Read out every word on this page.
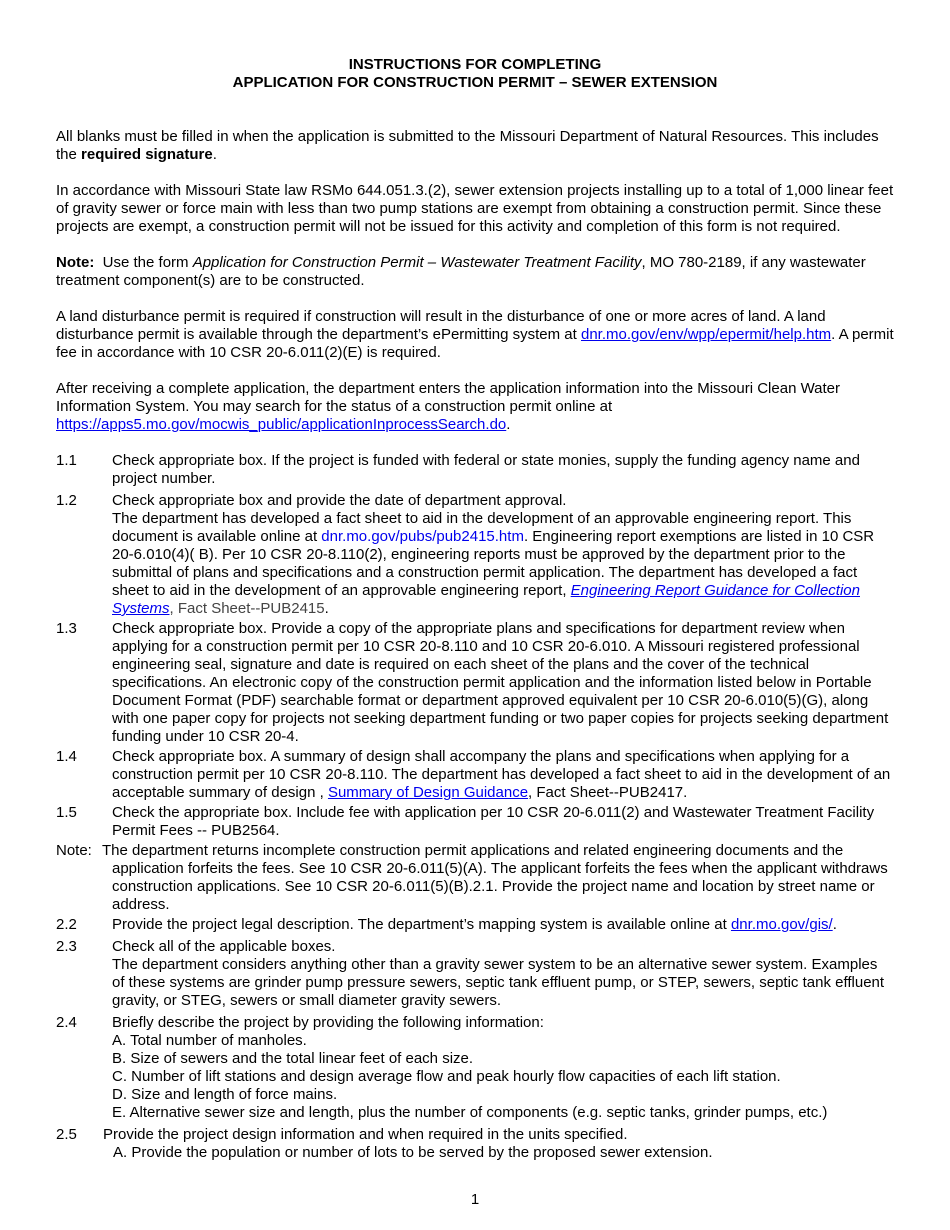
INSTRUCTIONS FOR COMPLETING
APPLICATION FOR CONSTRUCTION PERMIT – SEWER EXTENSION

All blanks must be filled in when the application is submitted to the Missouri Department of Natural Resources. This includes the required signature.

In accordance with Missouri State law RSMo 644.051.3.(2), sewer extension projects installing up to a total of 1,000 linear feet of gravity sewer or force main with less than two pump stations are exempt from obtaining a construction permit. Since these projects are exempt, a construction permit will not be issued for this activity and completion of this form is not required.

Note:  Use the form Application for Construction Permit – Wastewater Treatment Facility, MO 780-2189, if any wastewater treatment component(s) are to be constructed.

A land disturbance permit is required if construction will result in the disturbance of one or more acres of land. A land disturbance permit is available through the department’s ePermitting system at dnr.mo.gov/env/wpp/epermit/help.htm. A permit fee in accordance with 10 CSR 20-6.011(2)(E) is required.

After receiving a complete application, the department enters the application information into the Missouri Clean Water Information System. You may search for the status of a construction permit online at https://apps5.mo.gov/mocwis_public/applicationInprocessSearch.do.

1.1 Check appropriate box. If the project is funded with federal or state monies, supply the funding agency name and project number.
1.2 Check appropriate box and provide the date of department approval.
The department has developed a fact sheet to aid in the development of an approvable engineering report. This document is available online at dnr.mo.gov/pubs/pub2415.htm. Engineering report exemptions are listed in 10 CSR 20-6.010(4)( B). Per 10 CSR 20-8.110(2), engineering reports must be approved by the department prior to the submittal of plans and specifications and a construction permit application. The department has developed a fact sheet to aid in the development of an approvable engineering report, Engineering Report Guidance for Collection Systems, Fact Sheet--PUB2415.
1.3 Check appropriate box. Provide a copy of the appropriate plans and specifications for department review when applying for a construction permit per 10 CSR 20-8.110 and 10 CSR 20-6.010. A Missouri registered professional engineering seal, signature and date is required on each sheet of the plans and the cover of the technical specifications. An electronic copy of the construction permit application and the information listed below in Portable Document Format (PDF) searchable format or department approved equivalent per 10 CSR 20-6.010(5)(G), along with one paper copy for projects not seeking department funding or two paper copies for projects seeking department funding under 10 CSR 20-4.
1.4 Check appropriate box. A summary of design shall accompany the plans and specifications when applying for a construction permit per 10 CSR 20-8.110. The department has developed a fact sheet to aid in the development of an acceptable summary of design , Summary of Design Guidance, Fact Sheet--PUB2417.
1.5 Check the appropriate box. Include fee with application per 10 CSR 20-6.011(2) and Wastewater Treatment Facility Permit Fees -- PUB2564.
Note: The department returns incomplete construction permit applications and related engineering documents and the application forfeits the fees. See 10 CSR 20-6.011(5)(A). The applicant forfeits the fees when the applicant withdraws construction applications. See 10 CSR 20-6.011(5)(B).2.1. Provide the project name and location by street name or address.
2.2 Provide the project legal description. The department’s mapping system is available online at dnr.mo.gov/gis/.
2.3 Check all of the applicable boxes.
The department considers anything other than a gravity sewer system to be an alternative sewer system. Examples of these systems are grinder pump pressure sewers, septic tank effluent pump, or STEP, sewers, septic tank effluent gravity, or STEG, sewers or small diameter gravity sewers.
2.4 Briefly describe the project by providing the following information:
A. Total number of manholes.
B. Size of sewers and the total linear feet of each size.
C. Number of lift stations and design average flow and peak hourly flow capacities of each lift station.
D. Size and length of force mains.
E. Alternative sewer size and length, plus the number of components (e.g. septic tanks, grinder pumps, etc.)
2.5 Provide the project design information and when required in the units specified.
A. Provide the population or number of lots to be served by the proposed sewer extension.
1
